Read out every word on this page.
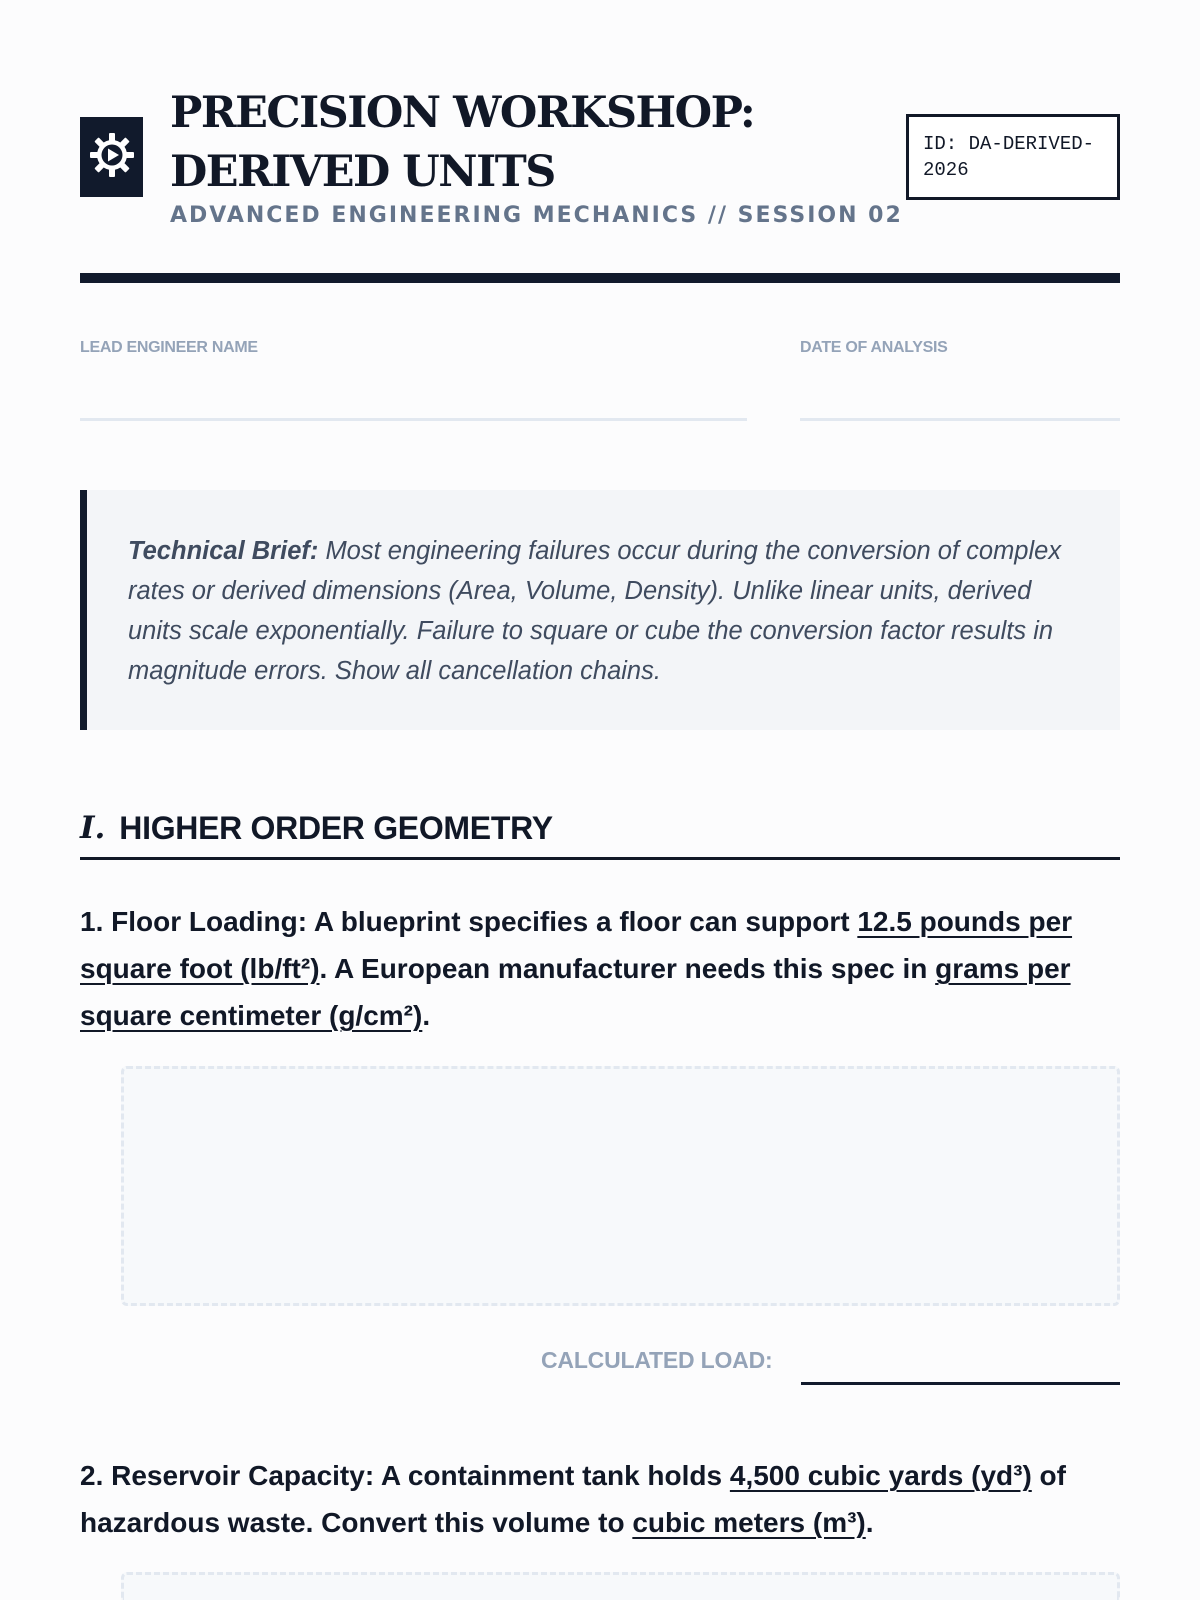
PRECISION WORKSHOP:
DERIVED UNITS
ADVANCED ENGINEERING MECHANICS // SESSION 02
ID: DA-DERIVED-2026
LEAD ENGINEER NAME	DATE OF ANALYSIS

Technical Brief: Most engineering failures occur during the conversion of complex rates or derived dimensions (Area, Volume, Density). Unlike linear units, derived units scale exponentially. Failure to square or cube the conversion factor results in magnitude errors. Show all cancellation chains.

I. HIGHER ORDER GEOMETRY
1. Floor Loading: A blueprint specifies a floor can support 12.5 pounds per square foot (lb/ft²). A European manufacturer needs this spec in grams per square centimeter (g/cm²).
CALCULATED LOAD:
2. Reservoir Capacity: A containment tank holds 4,500 cubic yards (yd³) of hazardous waste. Convert this volume to cubic meters (m³).
